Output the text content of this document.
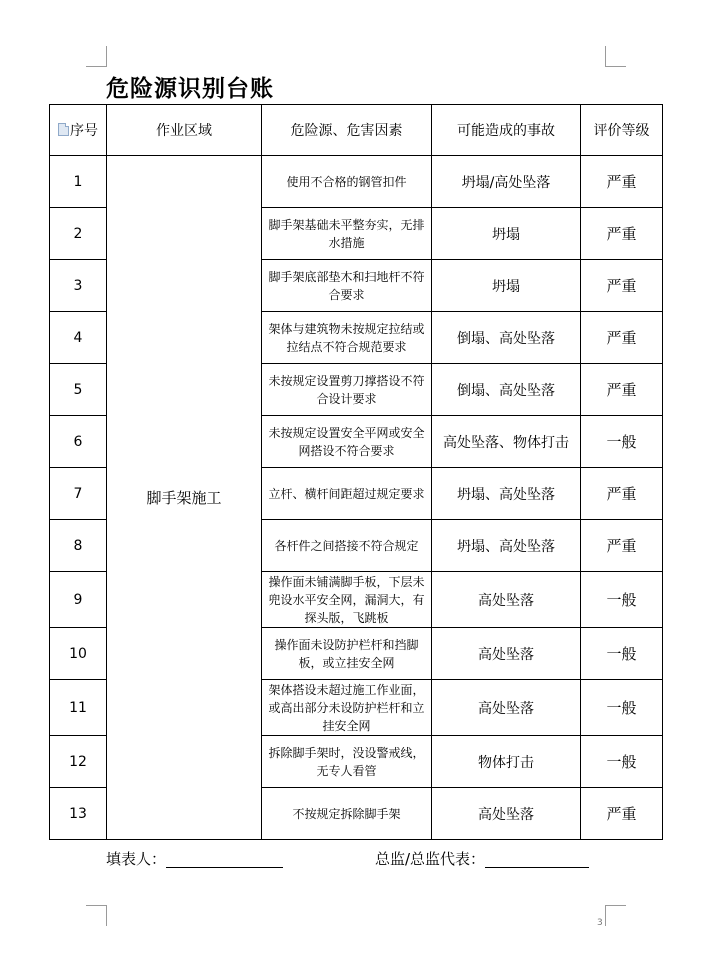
危险源识别台账
序号	作业区域	危险源、危害因素	可能造成的事故	评价等级
1	脚手架施工	使用不合格的钢管扣件	坍塌/高处坠落	严重
2		脚手架基础未平整夯实，无排水措施	坍塌	严重
3		脚手架底部垫木和扫地杆不符合要求	坍塌	严重
4		架体与建筑物未按规定拉结或拉结点不符合规范要求	倒塌、高处坠落	严重
5		未按规定设置剪刀撑搭设不符合设计要求	倒塌、高处坠落	严重
6		未按规定设置安全平网或安全网搭设不符合要求	高处坠落、物体打击	一般
7		立杆、横杆间距超过规定要求	坍塌、高处坠落	严重
8		各杆件之间搭接不符合规定	坍塌、高处坠落	严重
9		操作面未铺满脚手板，下层未兜设水平安全网，漏洞大，有探头版，飞跳板	高处坠落	一般
10		操作面未设防护栏杆和挡脚板，或立挂安全网	高处坠落	一般
11		架体搭设未超过施工作业面，或高出部分未设防护栏杆和立挂安全网	高处坠落	一般
12		拆除脚手架时，没设警戒线，无专人看管	物体打击	一般
13		不按规定拆除脚手架	高处坠落	严重
填表人：	总监/总监代表：
3
